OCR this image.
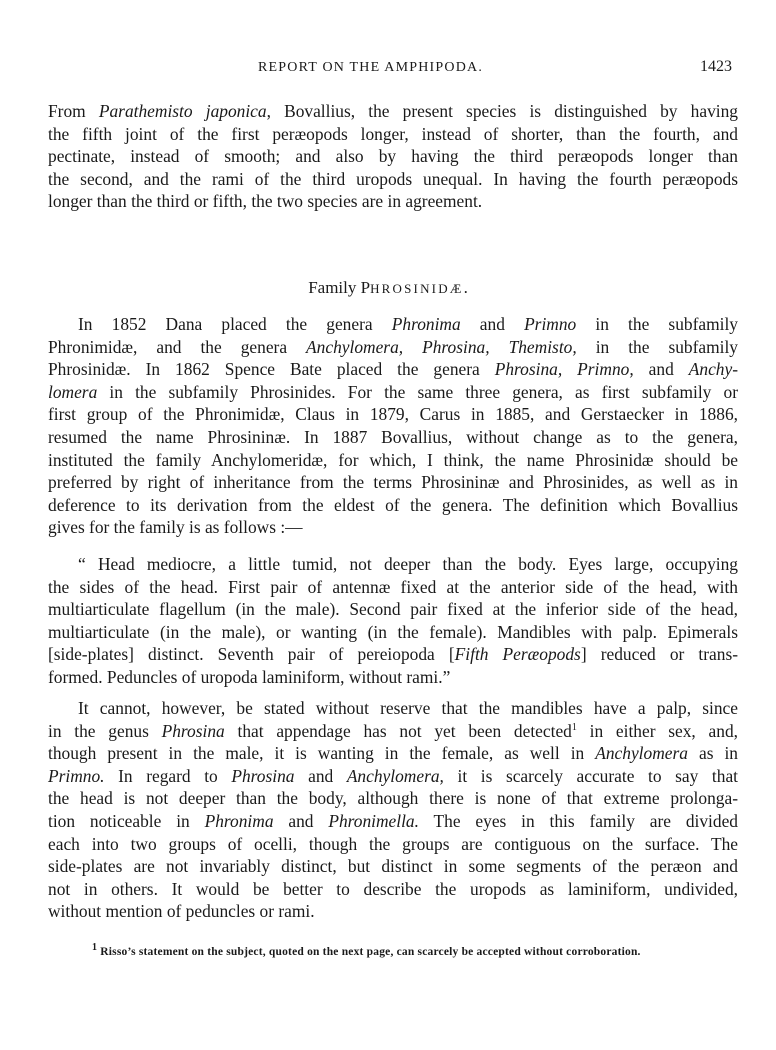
REPORT ON THE AMPHIPODA.	1423
From Parathemisto japonica, Bovallius, the present species is distinguished by having
the fifth joint of the first peræopods longer, instead of shorter, than the fourth, and
pectinate, instead of smooth; and also by having the third peræopods longer than
the second, and the rami of the third uropods unequal. In having the fourth peræopods
longer than the third or fifth, the two species are in agreement.
Family PHROSINIDÆ.
In 1852 Dana placed the genera Phronima and Primno in the subfamily
Phronimidæ, and the genera Anchylomera, Phrosina, Themisto, in the subfamily
Phrosinidæ. In 1862 Spence Bate placed the genera Phrosina, Primno, and Anchy-
lomera in the subfamily Phrosinides. For the same three genera, as first subfamily or
first group of the Phronimidæ, Claus in 1879, Carus in 1885, and Gerstaecker in 1886,
resumed the name Phrosininæ. In 1887 Bovallius, without change as to the genera,
instituted the family Anchylomeridæ, for which, I think, the name Phrosinidæ should be
preferred by right of inheritance from the terms Phrosininæ and Phrosinides, as well as in
deference to its derivation from the eldest of the genera. The definition which Bovallius
gives for the family is as follows :—
“ Head mediocre, a little tumid, not deeper than the body. Eyes large, occupying
the sides of the head. First pair of antennæ fixed at the anterior side of the head, with
multiarticulate flagellum (in the male). Second pair fixed at the inferior side of the head,
multiarticulate (in the male), or wanting (in the female). Mandibles with palp. Epimerals
[side-plates] distinct. Seventh pair of pereiopoda [Fifth Peræopods] reduced or trans-
formed. Peduncles of uropoda laminiform, without rami.”
It cannot, however, be stated without reserve that the mandibles have a palp, since
in the genus Phrosina that appendage has not yet been detected$^1$ in either sex, and,
though present in the male, it is wanting in the female, as well in Anchylomera as in
Primno. In regard to Phrosina and Anchylomera, it is scarcely accurate to say that
the head is not deeper than the body, although there is none of that extreme prolonga-
tion noticeable in Phronima and Phronimella. The eyes in this family are divided
each into two groups of ocelli, though the groups are contiguous on the surface. The
side-plates are not invariably distinct, but distinct in some segments of the peræon and
not in others. It would be better to describe the uropods as laminiform, undivided,
without mention of peduncles or rami.
$^1$ Risso’s statement on the subject, quoted on the next page, can scarcely be accepted without corroboration.
